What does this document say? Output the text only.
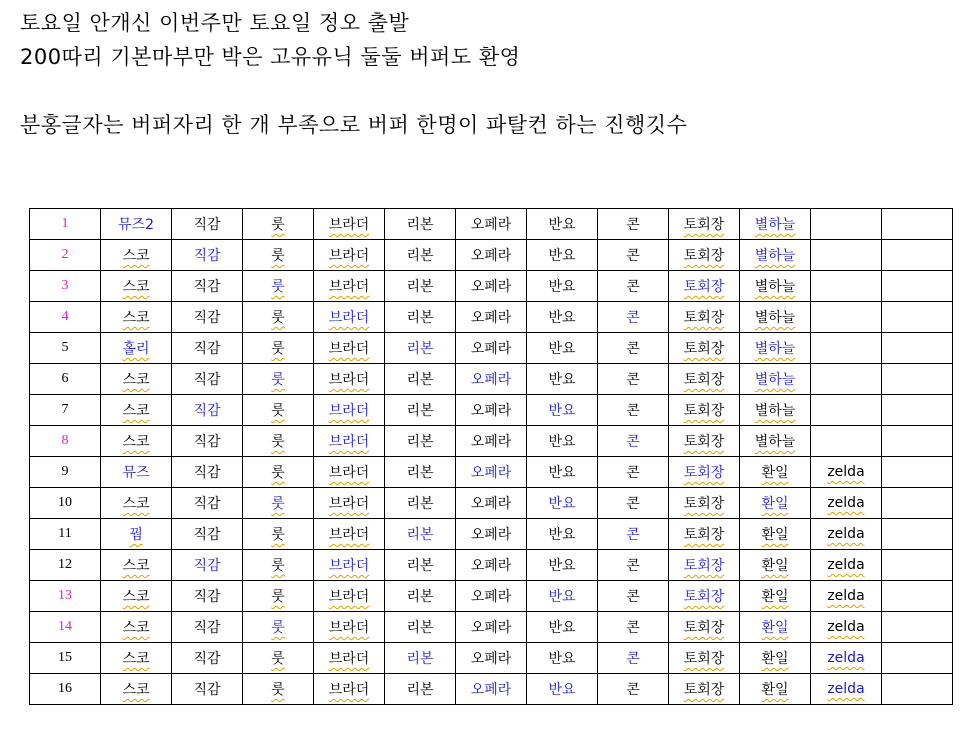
토요일 안개신 이번주만 토요일 정오 출발
200따리 기본마부만 박은 고유유닉 둘둘 버퍼도 환영
분홍글자는 버퍼자리 한 개 부족으로 버퍼 한명이 파탈컨 하는 진행깃수
1	뮤즈2	직감	룻	브라더	리본	오페라	반요	콘	토회장	별하늘		
2	스코	직감	룻	브라더	리본	오페라	반요	콘	토회장	별하늘		
3	스코	직감	룻	브라더	리본	오페라	반요	콘	토회장	별하늘		
4	스코	직감	룻	브라더	리본	오페라	반요	콘	토회장	별하늘		
5	홀리	직감	룻	브라더	리본	오페라	반요	콘	토회장	별하늘		
6	스코	직감	룻	브라더	리본	오페라	반요	콘	토회장	별하늘		
7	스코	직감	룻	브라더	리본	오페라	반요	콘	토회장	별하늘		
8	스코	직감	룻	브라더	리본	오페라	반요	콘	토회장	별하늘		
9	뮤즈	직감	룻	브라더	리본	오페라	반요	콘	토회장	환일	zelda	
10	스코	직감	룻	브라더	리본	오페라	반요	콘	토회장	환일	zelda	
11	꿤	직감	룻	브라더	리본	오페라	반요	콘	토회장	환일	zelda	
12	스코	직감	룻	브라더	리본	오페라	반요	콘	토회장	환일	zelda	
13	스코	직감	룻	브라더	리본	오페라	반요	콘	토회장	환일	zelda	
14	스코	직감	룻	브라더	리본	오페라	반요	콘	토회장	환일	zelda	
15	스코	직감	룻	브라더	리본	오페라	반요	콘	토회장	환일	zelda	
16	스코	직감	룻	브라더	리본	오페라	반요	콘	토회장	환일	zelda	
